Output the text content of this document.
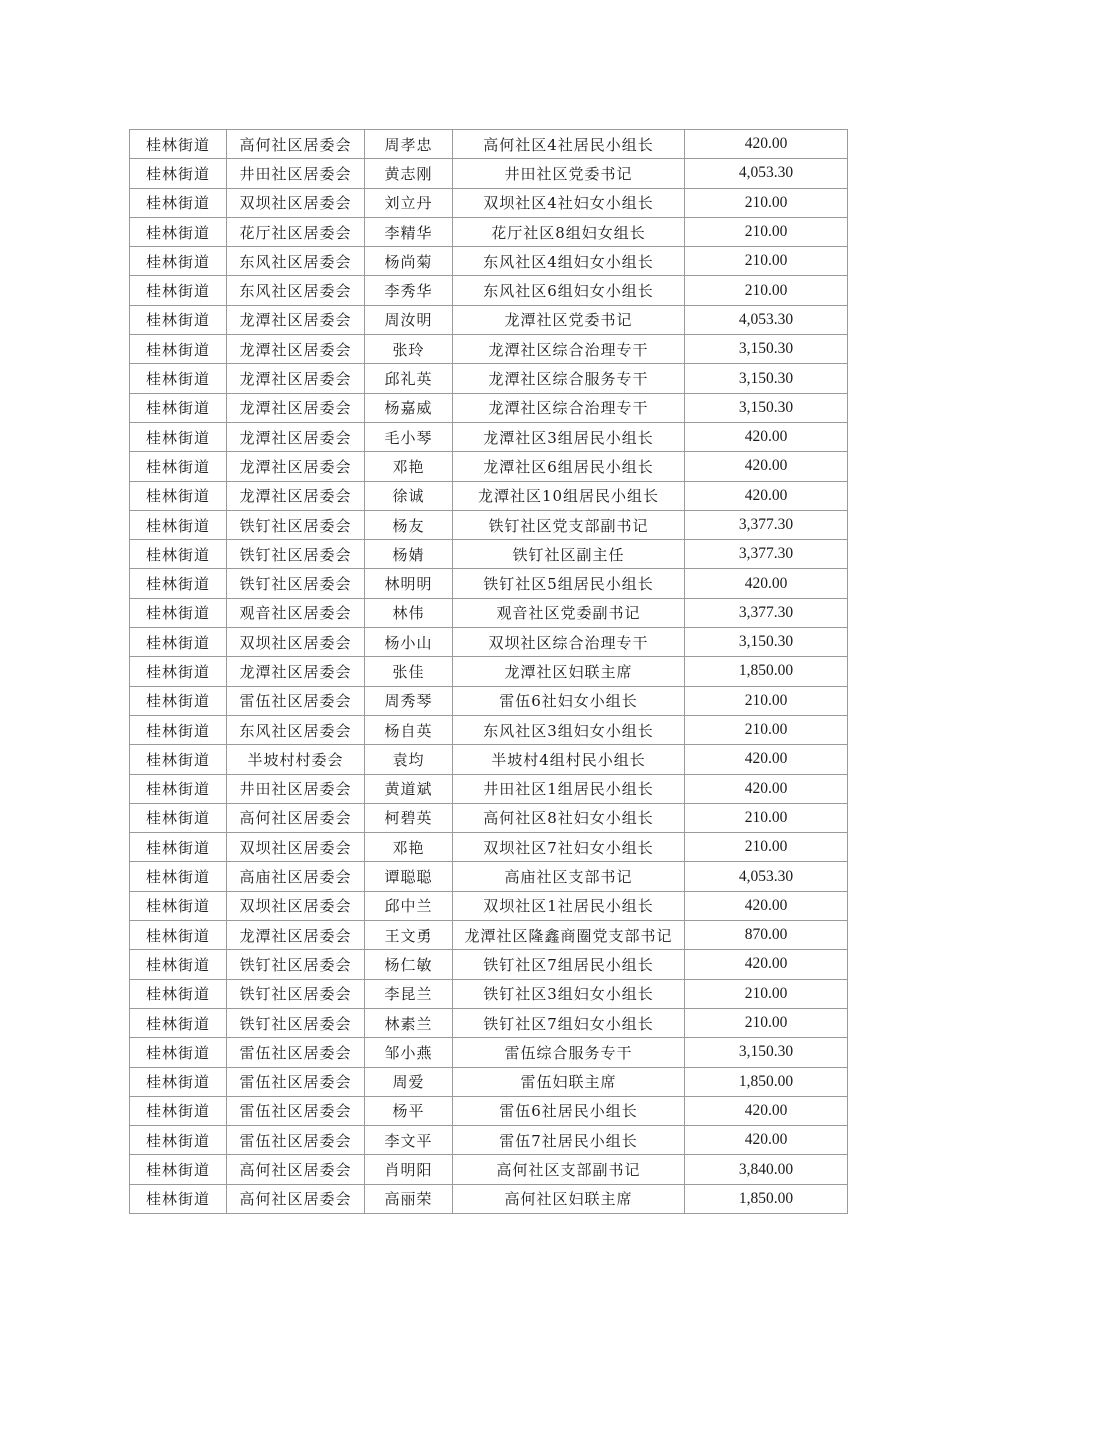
桂林街道	高何社区居委会	周孝忠	高何社区4社居民小组长	420.00
桂林街道	井田社区居委会	黄志刚	井田社区党委书记	4,053.30
桂林街道	双坝社区居委会	刘立丹	双坝社区4社妇女小组长	210.00
桂林街道	花厅社区居委会	李精华	花厅社区8组妇女组长	210.00
桂林街道	东风社区居委会	杨尚菊	东风社区4组妇女小组长	210.00
桂林街道	东风社区居委会	李秀华	东风社区6组妇女小组长	210.00
桂林街道	龙潭社区居委会	周汝明	龙潭社区党委书记	4,053.30
桂林街道	龙潭社区居委会	张玲	龙潭社区综合治理专干	3,150.30
桂林街道	龙潭社区居委会	邱礼英	龙潭社区综合服务专干	3,150.30
桂林街道	龙潭社区居委会	杨嘉威	龙潭社区综合治理专干	3,150.30
桂林街道	龙潭社区居委会	毛小琴	龙潭社区3组居民小组长	420.00
桂林街道	龙潭社区居委会	邓艳	龙潭社区6组居民小组长	420.00
桂林街道	龙潭社区居委会	徐诚	龙潭社区10组居民小组长	420.00
桂林街道	铁钉社区居委会	杨友	铁钉社区党支部副书记	3,377.30
桂林街道	铁钉社区居委会	杨婧	铁钉社区副主任	3,377.30
桂林街道	铁钉社区居委会	林明明	铁钉社区5组居民小组长	420.00
桂林街道	观音社区居委会	林伟	观音社区党委副书记	3,377.30
桂林街道	双坝社区居委会	杨小山	双坝社区综合治理专干	3,150.30
桂林街道	龙潭社区居委会	张佳	龙潭社区妇联主席	1,850.00
桂林街道	雷伍社区居委会	周秀琴	雷伍6社妇女小组长	210.00
桂林街道	东风社区居委会	杨自英	东风社区3组妇女小组长	210.00
桂林街道	半坡村村委会	袁均	半坡村4组村民小组长	420.00
桂林街道	井田社区居委会	黄道斌	井田社区1组居民小组长	420.00
桂林街道	高何社区居委会	柯碧英	高何社区8社妇女小组长	210.00
桂林街道	双坝社区居委会	邓艳	双坝社区7社妇女小组长	210.00
桂林街道	高庙社区居委会	谭聪聪	高庙社区支部书记	4,053.30
桂林街道	双坝社区居委会	邱中兰	双坝社区1社居民小组长	420.00
桂林街道	龙潭社区居委会	王文勇	龙潭社区隆鑫商圈党支部书记	870.00
桂林街道	铁钉社区居委会	杨仁敏	铁钉社区7组居民小组长	420.00
桂林街道	铁钉社区居委会	李昆兰	铁钉社区3组妇女小组长	210.00
桂林街道	铁钉社区居委会	林素兰	铁钉社区7组妇女小组长	210.00
桂林街道	雷伍社区居委会	邹小燕	雷伍综合服务专干	3,150.30
桂林街道	雷伍社区居委会	周爱	雷伍妇联主席	1,850.00
桂林街道	雷伍社区居委会	杨平	雷伍6社居民小组长	420.00
桂林街道	雷伍社区居委会	李文平	雷伍7社居民小组长	420.00
桂林街道	高何社区居委会	肖明阳	高何社区支部副书记	3,840.00
桂林街道	高何社区居委会	高丽荣	高何社区妇联主席	1,850.00
